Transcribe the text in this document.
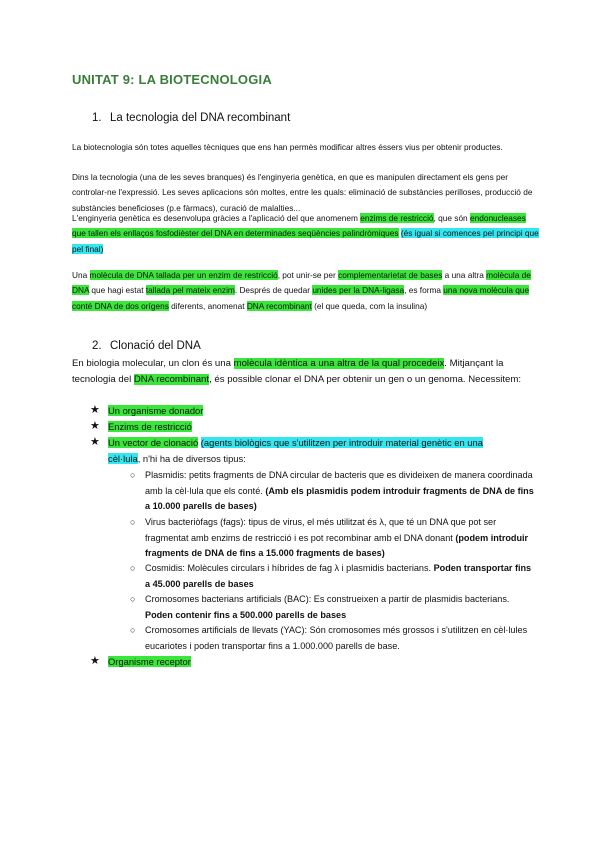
UNITAT 9: LA BIOTECNOLOGIA
1. La tecnologia del DNA recombinant

La biotecnologia són totes aquelles tècniques que ens han permès modificar altres éssers vius per obtenir productes.

Dins la tecnologia (una de les seves branques) és l'enginyeria genètica, en que es manipulen directament els gens per controlar-ne l'expressió. Les seves aplicacions són moltes, entre les quals: eliminació de substàncies perilloses, producció de substàncies beneficioses (p.e fàrmacs), curació de malalties...

L'enginyeria genètica es desenvolupa gràcies a l'aplicació del que anomenem enzims de restricció, que són endonucleases que tallen els enllaços fosfodièster del DNA en determinades seqüències palindròmiques (és igual si comences pel principi que pel final)

Una molècula de DNA tallada per un enzim de restricció, pot unir-se per complementarietat de bases a una altra molècula de DNA que hagi estat tallada pel mateix enzim. Després de quedar unides per la DNA-ligasa, es forma una nova molècula que conté DNA de dos orígens diferents, anomenat DNA recombinant (el que queda, com la insulina)

2. Clonació del DNA

En biologia molecular, un clon és una molècula idèntica a una altra de la qual procedeix. Mitjançant la tecnologia del DNA recombinant, és possible clonar el DNA per obtenir un gen o un genoma. Necessitem:

★ Un organisme donador
★ Enzims de restricció
★ Un vector de clonació (agents biològics que s'utilitzen per introduir material genètic en una
cèl·lula, n'hi ha de diversos tipus:
○ Plasmidis: petits fragments de DNA circular de bacteris que es divideixen de manera coordinada amb la cèl·lula que els conté. (Amb els plasmidis podem introduir fragments de DNA de fins a 10.000 parells de bases)

○ Virus bacteriòfags (fags): tipus de virus, el més utilitzat és λ, que té un DNA que pot ser fragmentat amb enzims de restricció i es pot recombinar amb el DNA donant (podem introduir fragments de DNA de fins a 15.000 fragments de bases)

○ Cosmidis: Molècules circulars i híbrides de fag λ i plasmidis bacterians. Poden transportar fins a 45.000 parells de bases

○ Cromosomes bacterians artificials (BAC): Es construeixen a partir de plasmidis bacterians. Poden contenir fins a 500.000 parells de bases

○ Cromosomes artificials de llevats (YAC): Són cromosomes més grossos i s'utilitzen en cèl·lules eucariotes i poden transportar fins a 1.000.000 parells de base.

★ Organisme receptor
